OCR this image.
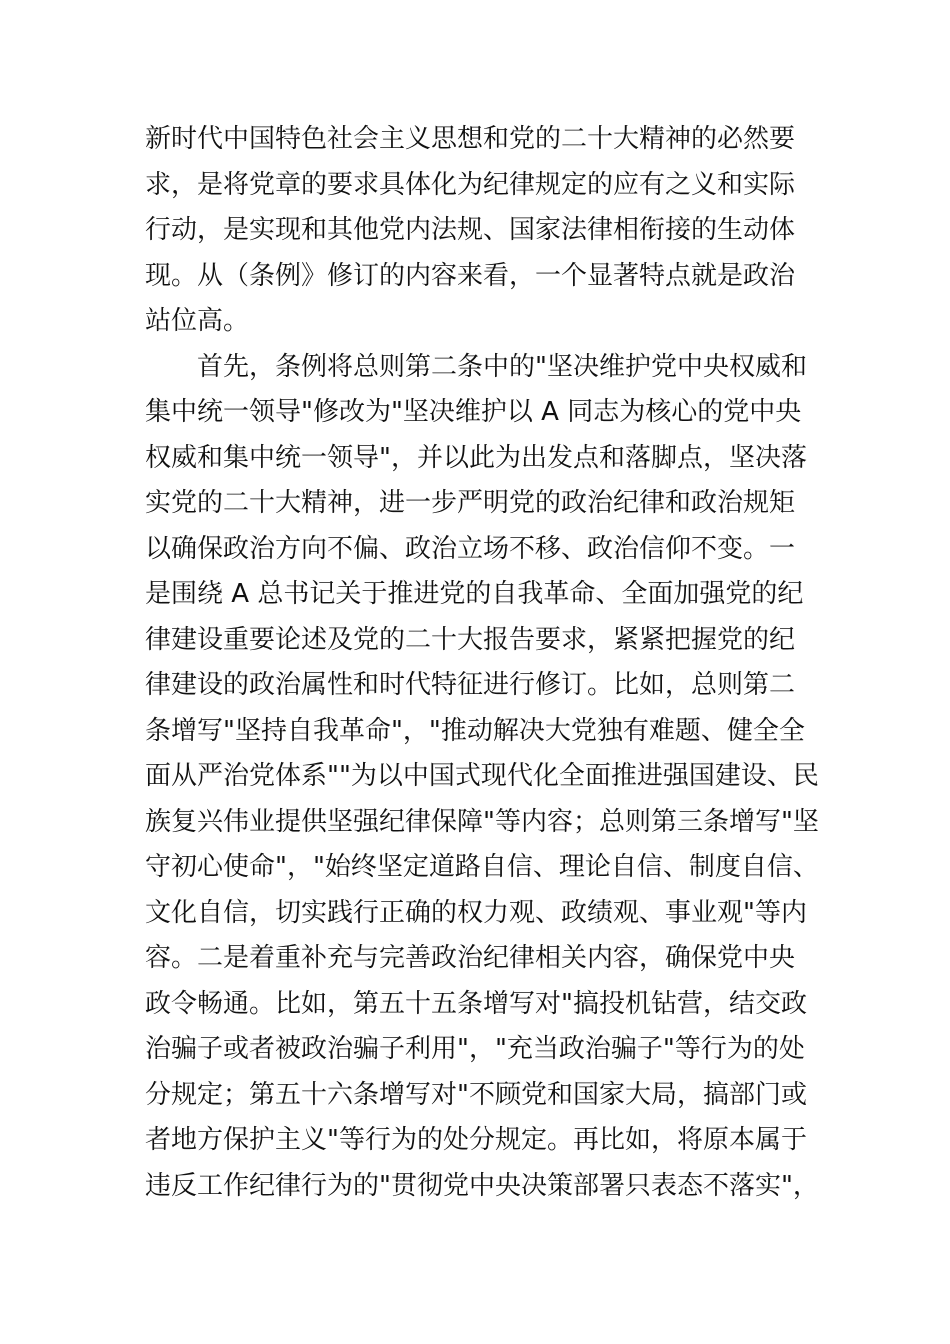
新时代中国特色社会主义思想和党的二十大精神的必然要
求，是将党章的要求具体化为纪律规定的应有之义和实际
行动，是实现和其他党内法规、国家法律相衔接的生动体
现。从（条例》修订的内容来看，一个显著特点就是政治
站位高。
首先，条例将总则第二条中的"坚决维护党中央权威和
集中统一领导"修改为"坚决维护以 A 同志为核心的党中央
权威和集中统一领导"，并以此为出发点和落脚点，坚决落
实党的二十大精神，进一步严明党的政治纪律和政治规矩
以确保政治方向不偏、政治立场不移、政治信仰不变。一
是围绕 A 总书记关于推进党的自我革命、全面加强党的纪
律建设重要论述及党的二十大报告要求，紧紧把握党的纪
律建设的政治属性和时代特征进行修订。比如，总则第二
条增写"坚持自我革命"，"推动解决大党独有难题、健全全
面从严治党体系""为以中国式现代化全面推进强国建设、民
族复兴伟业提供坚强纪律保障"等内容；总则第三条增写"坚
守初心使命"，"始终坚定道路自信、理论自信、制度自信、
文化自信，切实践行正确的权力观、政绩观、事业观"等内
容。二是着重补充与完善政治纪律相关内容，确保党中央
政令畅通。比如，第五十五条增写对"搞投机钻营，结交政
治骗子或者被政治骗子利用"，"充当政治骗子"等行为的处
分规定；第五十六条增写对"不顾党和国家大局，搞部门或
者地方保护主义"等行为的处分规定。再比如，将原本属于
违反工作纪律行为的"贯彻党中央决策部署只表态不落实"，
